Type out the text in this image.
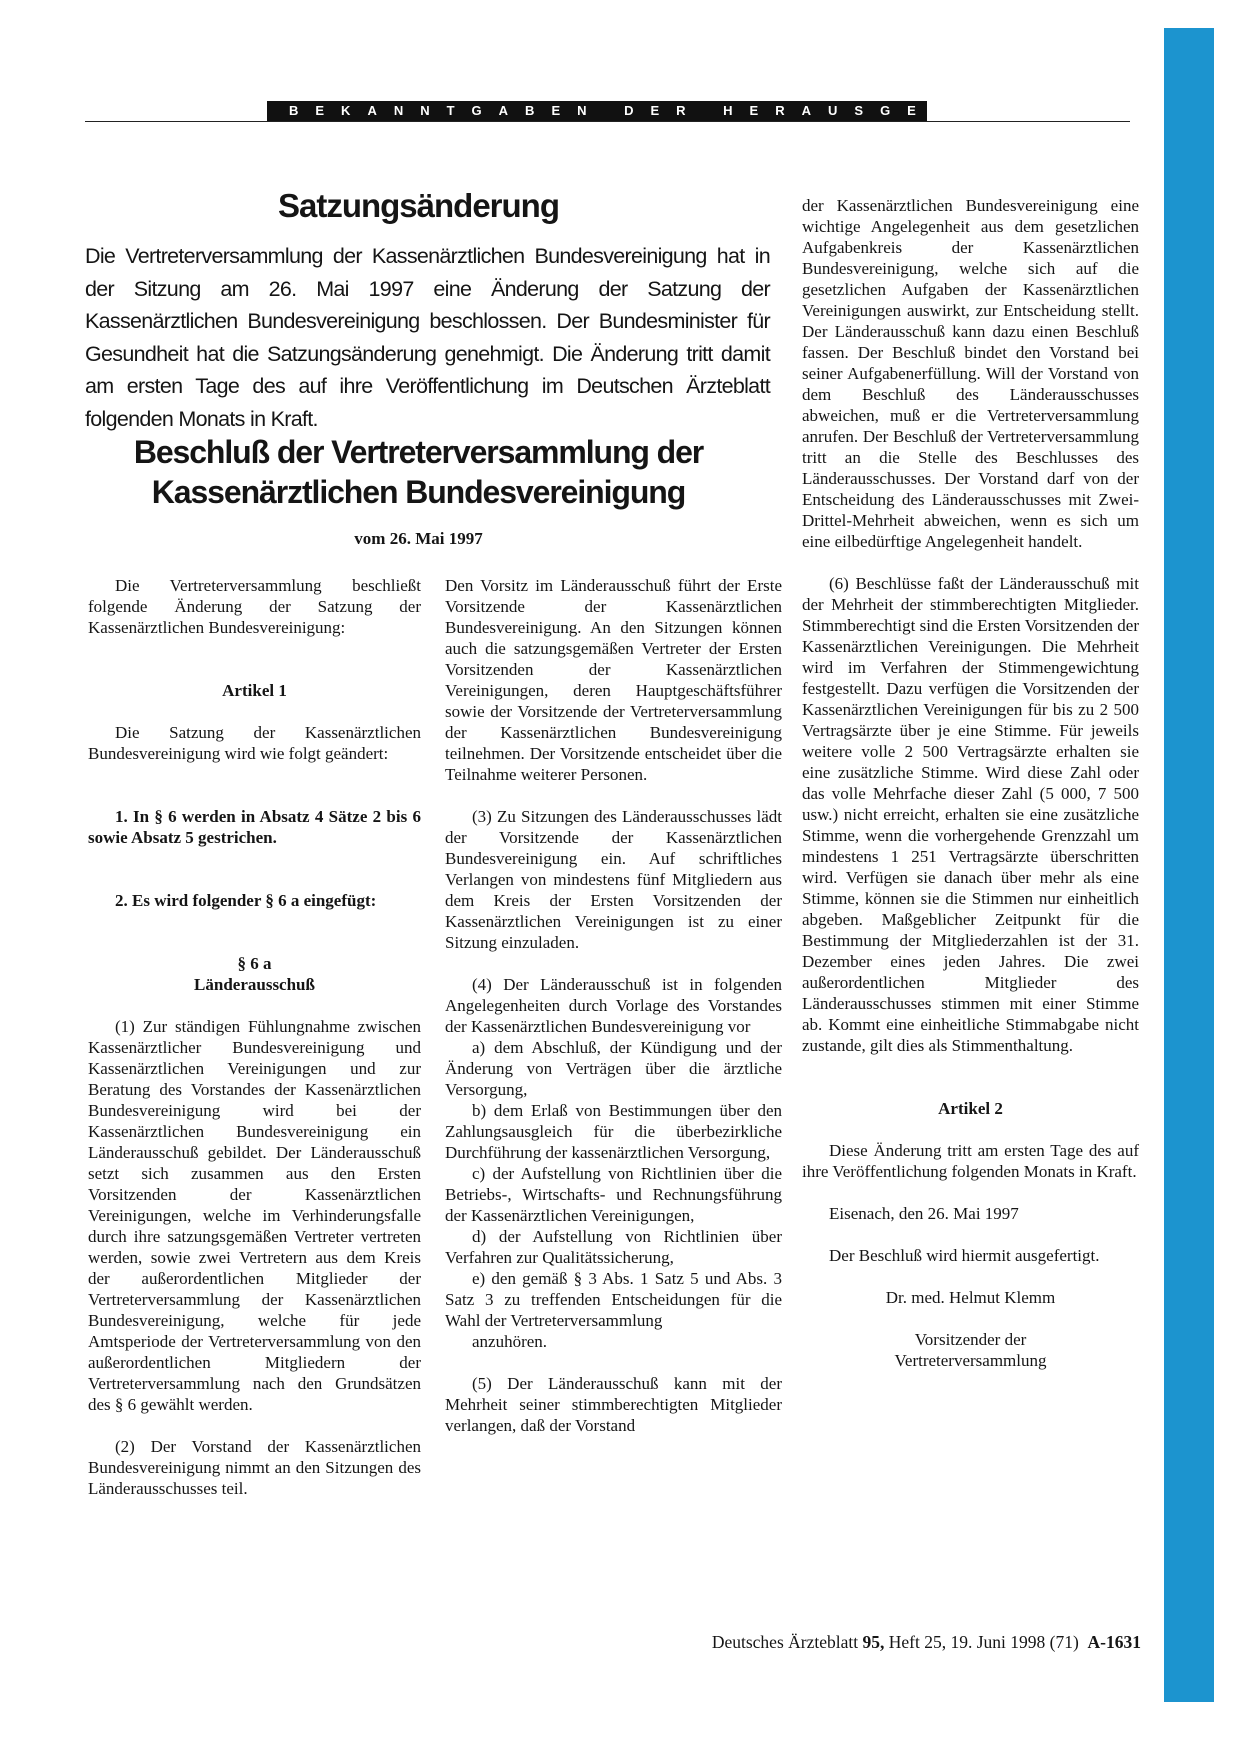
BEKANNTGABEN DER HERAUSGEBER
Satzungsänderung

Die Vertreterversammlung der Kassenärztlichen Bundesvereinigung hat in der Sitzung am 26. Mai 1997 eine Änderung der Satzung der Kassenärztlichen Bundesvereinigung beschlossen. Der Bundesminister für Gesundheit hat die Satzungsänderung genehmigt. Die Änderung tritt damit am ersten Tage des auf ihre Veröffentlichung im Deutschen Ärzteblatt folgenden Monats in Kraft.

Beschluß der Vertreterversammlung der
Kassenärztlichen Bundesvereinigung
vom 26. Mai 1997

Die Vertreterversammlung beschließt folgende Änderung der Satzung der Kassenärztlichen Bundesvereinigung:

Artikel 1

Die Satzung der Kassenärztlichen Bundesvereinigung wird wie folgt geändert:

1. In § 6 werden in Absatz 4 Sätze 2 bis 6 sowie Absatz 5 gestrichen.

2. Es wird folgender § 6 a eingefügt:

§ 6 a

Länderausschuß

(1) Zur ständigen Fühlungnahme zwischen Kassenärztlicher Bundesvereinigung und Kassenärztlichen Vereinigungen und zur Beratung des Vorstandes der Kassenärztlichen Bundesvereinigung wird bei der Kassenärztlichen Bundesvereinigung ein Länderausschuß gebildet. Der Länderausschuß setzt sich zusammen aus den Ersten Vorsitzenden der Kassenärztlichen Vereinigungen, welche im Verhinderungsfalle durch ihre satzungsgemäßen Vertreter vertreten werden, sowie zwei Vertretern aus dem Kreis der außerordentlichen Mitglieder der Vertreterversammlung der Kassenärztlichen Bundesvereinigung, welche für jede Amtsperiode der Vertreterversammlung von den außerordentlichen Mitgliedern der Vertreterversammlung nach den Grundsätzen des § 6 gewählt werden.

(2) Der Vorstand der Kassenärztlichen Bundesvereinigung nimmt an den Sitzungen des Länderausschusses teil.

Den Vorsitz im Länderausschuß führt der Erste Vorsitzende der Kassenärztlichen Bundesvereinigung. An den Sitzungen können auch die satzungsgemäßen Vertreter der Ersten Vorsitzenden der Kassenärztlichen Vereinigungen, deren Hauptgeschäftsführer sowie der Vorsitzende der Vertreterversammlung der Kassenärztlichen Bundesvereinigung teilnehmen. Der Vorsitzende entscheidet über die Teilnahme weiterer Personen.

(3) Zu Sitzungen des Länderausschusses lädt der Vorsitzende der Kassenärztlichen Bundesvereinigung ein. Auf schriftliches Verlangen von mindestens fünf Mitgliedern aus dem Kreis der Ersten Vorsitzenden der Kassenärztlichen Vereinigungen ist zu einer Sitzung einzuladen.

(4) Der Länderausschuß ist in folgenden Angelegenheiten durch Vorlage des Vorstandes der Kassenärztlichen Bundesvereinigung vor

a) dem Abschluß, der Kündigung und der Änderung von Verträgen über die ärztliche Versorgung,

b) dem Erlaß von Bestimmungen über den Zahlungsausgleich für die überbezirkliche Durchführung der kassenärztlichen Versorgung,

c) der Aufstellung von Richtlinien über die Betriebs-, Wirtschafts- und Rechnungsführung der Kassenärztlichen Vereinigungen,

d) der Aufstellung von Richtlinien über Verfahren zur Qualitätssicherung,

e) den gemäß § 3 Abs. 1 Satz 5 und Abs. 3 Satz 3 zu treffenden Entscheidungen für die Wahl der Vertreterversammlung

anzuhören.

(5) Der Länderausschuß kann mit der Mehrheit seiner stimmberechtigten Mitglieder verlangen, daß der Vorstand

der Kassenärztlichen Bundesvereinigung eine wichtige Angelegenheit aus dem gesetzlichen Aufgabenkreis der Kassenärztlichen Bundesvereinigung, welche sich auf die gesetzlichen Aufgaben der Kassenärztlichen Vereinigungen auswirkt, zur Entscheidung stellt. Der Länderausschuß kann dazu einen Beschluß fassen. Der Beschluß bindet den Vorstand bei seiner Aufgabenerfüllung. Will der Vorstand von dem Beschluß des Länderausschusses abweichen, muß er die Vertreterversammlung anrufen. Der Beschluß der Vertreterversammlung tritt an die Stelle des Beschlusses des Länderausschusses. Der Vorstand darf von der Entscheidung des Länderausschusses mit Zwei-Drittel-Mehrheit abweichen, wenn es sich um eine eilbedürftige Angelegenheit handelt.

(6) Beschlüsse faßt der Länderausschuß mit der Mehrheit der stimmberechtigten Mitglieder. Stimmberechtigt sind die Ersten Vorsitzenden der Kassenärztlichen Vereinigungen. Die Mehrheit wird im Verfahren der Stimmengewichtung festgestellt. Dazu verfügen die Vorsitzenden der Kassenärztlichen Vereinigungen für bis zu 2 500 Vertragsärzte über je eine Stimme. Für jeweils weitere volle 2 500 Vertragsärzte erhalten sie eine zusätzliche Stimme. Wird diese Zahl oder das volle Mehrfache dieser Zahl (5 000, 7 500 usw.) nicht erreicht, erhalten sie eine zusätzliche Stimme, wenn die vorhergehende Grenzzahl um mindestens 1 251 Vertragsärzte überschritten wird. Verfügen sie danach über mehr als eine Stimme, können sie die Stimmen nur einheitlich abgeben. Maßgeblicher Zeitpunkt für die Bestimmung der Mitgliederzahlen ist der 31. Dezember eines jeden Jahres. Die zwei außerordentlichen Mitglieder des Länderausschusses stimmen mit einer Stimme ab. Kommt eine einheitliche Stimmabgabe nicht zustande, gilt dies als Stimmenthaltung.

Artikel 2

Diese Änderung tritt am ersten Tage des auf ihre Veröffentlichung folgenden Monats in Kraft.

Eisenach, den 26. Mai 1997

Der Beschluß wird hiermit ausgefertigt.

Dr. med. Helmut Klemm

Vorsitzender der

Vertreterversammlung

Deutsches Ärzteblatt 95, Heft 25, 19. Juni 1998 (71) A-1631
